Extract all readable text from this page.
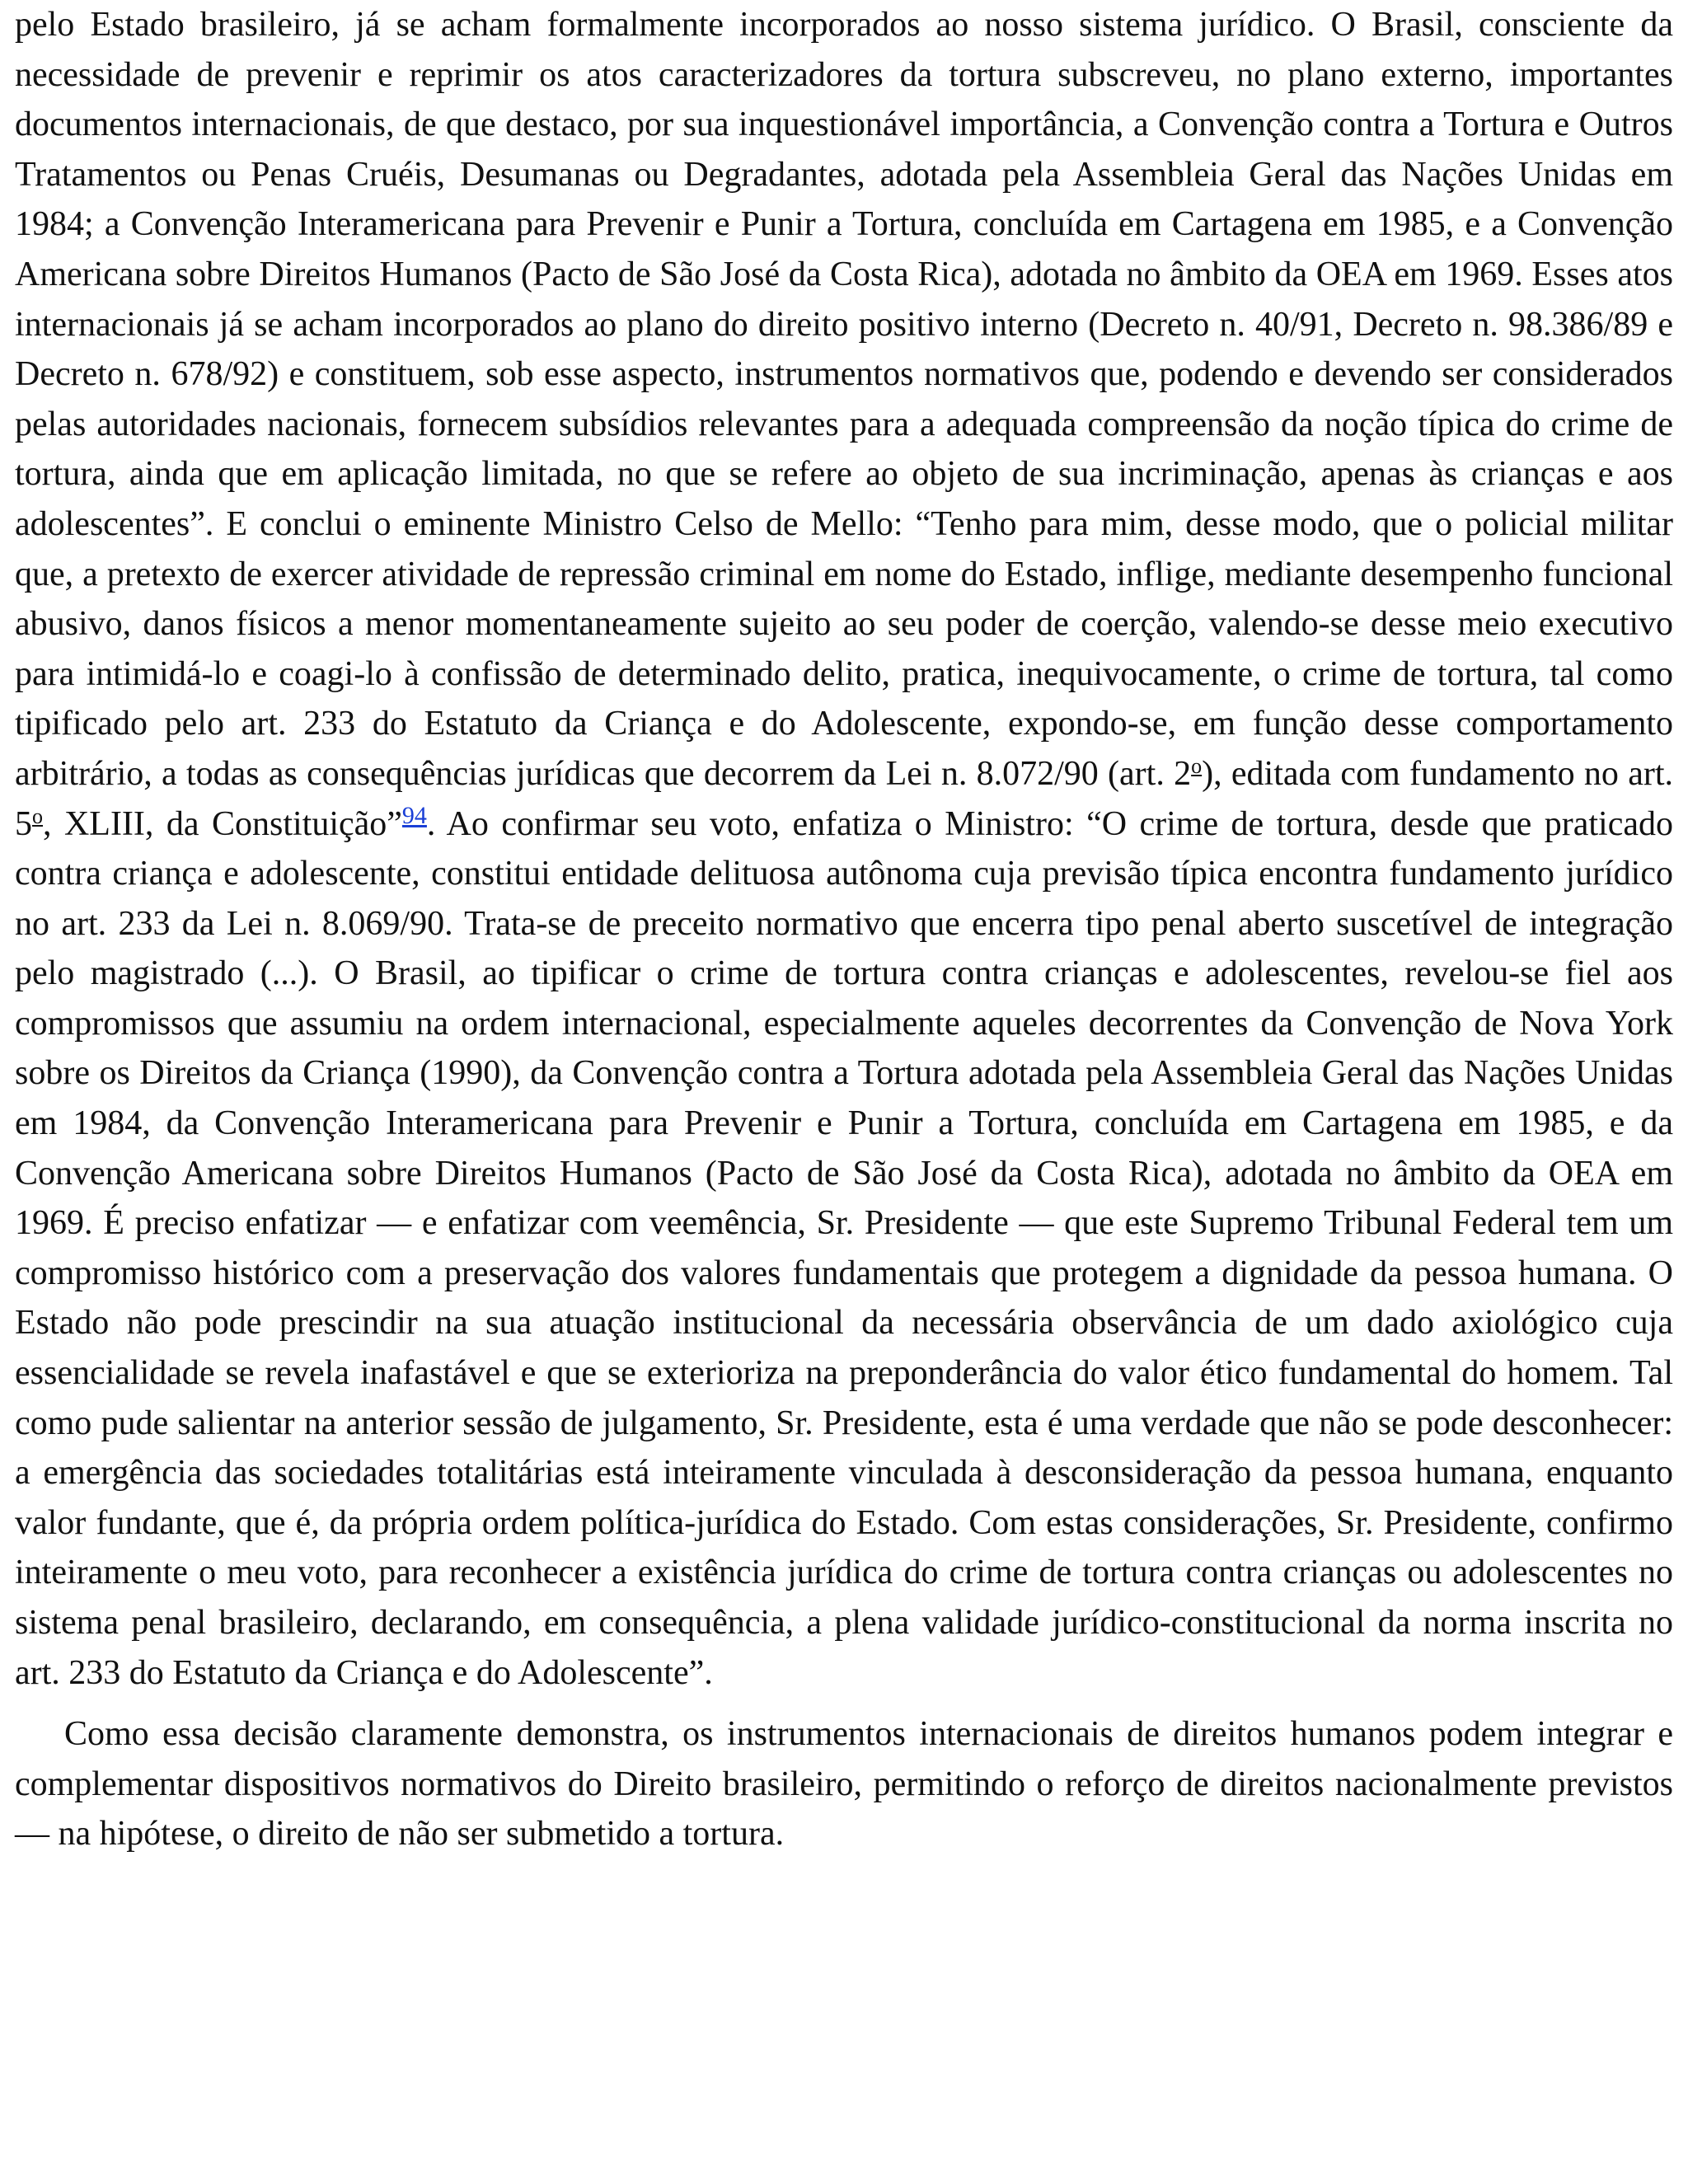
pelo Estado brasileiro, já se acham formalmente incorporados ao nosso sistema jurídico. O Brasil, consciente da necessidade de prevenir e reprimir os atos caracterizadores da tortura subscreveu, no plano externo, importantes documentos internacionais, de que destaco, por sua inquestionável importância, a Convenção contra a Tortura e Outros Tratamentos ou Penas Cruéis, Desumanas ou Degradantes, adotada pela Assembleia Geral das Nações Unidas em 1984; a Convenção Interamericana para Prevenir e Punir a Tortura, concluída em Cartagena em 1985, e a Convenção Americana sobre Direitos Humanos (Pacto de São José da Costa Rica), adotada no âmbito da OEA em 1969. Esses atos internacionais já se acham incorporados ao plano do direito positivo interno (Decreto n. 40/91, Decreto n. 98.386/89 e Decreto n. 678/92) e constituem, sob esse aspecto, instrumentos normativos que, podendo e devendo ser considerados pelas autoridades nacionais, fornecem subsídios relevantes para a adequada compreensão da noção típica do crime de tortura, ainda que em aplicação limitada, no que se refere ao objeto de sua incriminação, apenas às crianças e aos adolescentes”. E conclui o eminente Ministro Celso de Mello: “Tenho para mim, desse modo, que o policial militar que, a pretexto de exercer atividade de repressão criminal em nome do Estado, inflige, mediante desempenho funcional abusivo, danos físicos a menor momentaneamente sujeito ao seu poder de coerção, valendo-se desse meio executivo para intimidá-lo e coagi-lo à confissão de determinado delito, pratica, inequivocamente, o crime de tortura, tal como tipificado pelo art. 233 do Estatuto da Criança e do Adolescente, expondo-se, em função desse comportamento arbitrário, a todas as consequências jurídicas que decorrem da Lei n. 8.072/90 (art. 2$^o$), editada com fundamento no art. 5$^o$, XLIII, da Constituição”$^{94}$. Ao confirmar seu voto, enfatiza o Ministro: “O crime de tortura, desde que praticado contra criança e adolescente, constitui entidade delituosa autônoma cuja previsão típica encontra fundamento jurídico no art. 233 da Lei n. 8.069/90. Trata-se de preceito normativo que encerra tipo penal aberto suscetível de integração pelo magistrado (...). O Brasil, ao tipificar o crime de tortura contra crianças e adolescentes, revelou-se fiel aos compromissos que assumiu na ordem internacional, especialmente aqueles decorrentes da Convenção de Nova York sobre os Direitos da Criança (1990), da Convenção contra a Tortura adotada pela Assembleia Geral das Nações Unidas em 1984, da Convenção Interamericana para Prevenir e Punir a Tortura, concluída em Cartagena em 1985, e da Convenção Americana sobre Direitos Humanos (Pacto de São José da Costa Rica), adotada no âmbito da OEA em 1969. É preciso enfatizar — e enfatizar com veemência, Sr. Presidente — que este Supremo Tribunal Federal tem um compromisso histórico com a preservação dos valores fundamentais que protegem a dignidade da pessoa humana. O Estado não pode prescindir na sua atuação institucional da necessária observância de um dado axiológico cuja essencialidade se revela inafastável e que se exterioriza na preponderância do valor ético fundamental do homem. Tal como pude salientar na anterior sessão de julgamento, Sr. Presidente, esta é uma verdade que não se pode desconhecer: a emergência das sociedades totalitárias está inteiramente vinculada à desconsideração da pessoa humana, enquanto valor fundante, que é, da própria ordem política-jurídica do Estado. Com estas considerações, Sr. Presidente, confirmo inteiramente o meu voto, para reconhecer a existência jurídica do crime de tortura contra crianças ou adolescentes no sistema penal brasileiro, declarando, em consequência, a plena validade jurídico-constitucional da norma inscrita no art. 233 do Estatuto da Criança e do Adolescente”.

Como essa decisão claramente demonstra, os instrumentos internacionais de direitos humanos podem integrar e complementar dispositivos normativos do Direito brasileiro, permitindo o reforço de direitos nacionalmente previstos — na hipótese, o direito de não ser submetido a tortura.
